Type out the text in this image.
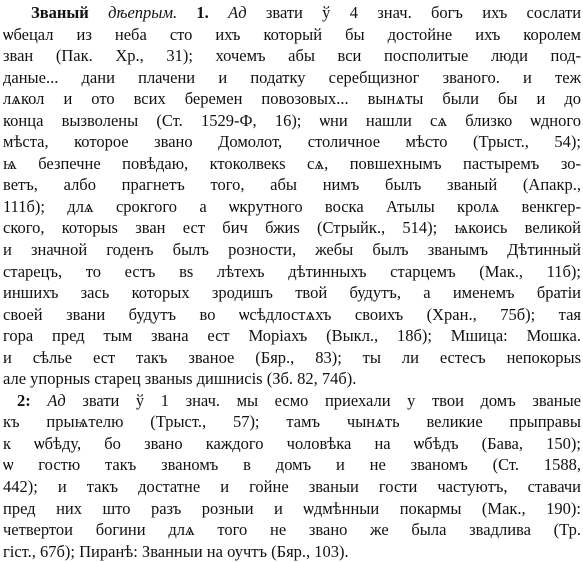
Званый дѣепрым. 1. Ад звати ў 4 знач. богъ ихъ сослати
ѡбецал из неба сто ихъ который бы достойне ихъ королем
зван (Пак. Хр., 31); хочемъ абы вси посполитые люди под-
даные... дани плачени и податку серебщизног званого. и теж
лѧкол и ото всих беремен повозовых... вынѧты были бы и до
конца вызволены (Ст. 1529-Ф, 16); ѡни нашли сѧ близко ѡдного
мѣста, которое звано Домолот, столичное мѣсто (Трыст., 54);
ѩ безпечне повѣдаю, ктоколвекs сѧ, повшехнымъ пастыремъ зо-
ветъ, албо прагнетъ того, абы нимъ былъ званый (Апакр.,
111б); длѧ срокгого а ѡкрутного воска Атылы кролѧ венкгер-
ского, которыs зван ест бич бжиs (Стрыйк., 514); ѩкоись великой
и значной годенъ былъ розности, жебы былъ званымъ Дѣтинный
старецъ, то естъ вs лѣтехъ дѣтинныхъ старцемъ (Мак., 11б);
иншихъ зась которых зродишъ твой будутъ, а именемъ братіи
своей звани будутъ во ѡсѣдлостѧхъ своихъ (Хран., 75б); тая
гора пред тым звана ест Моріахъ (Выкл., 18б); Мшица: Мошка.
и сѣлье ест такъ званое (Бяр., 83); ты ли естесъ непокорыs
але упорныs старец званыs дишнисіs (Зб. 82, 74б).
2: Ад звати ў 1 знач. мы есмо приехали у твои домъ званые
къ прыѩтелю (Трыст., 57); тамъ чынѧть великие прыправы
к ѡбѣду, бо звано каждого чоловѣка на ѡбѣдъ (Бава, 150);
ѡ гостю такъ званомъ в домъ и не званомъ (Ст. 1588,
442); и такъ достатне и гойне званыи гости частуютъ, ставачи
пред них што разъ розныи и ѡдмѣнныи покармы (Мак., 190):
четвертои богини длѧ того не звано же была звадлива (Тр.
гіст., 67б); Пиранѣ: Званныи на оучтъ (Бяр., 103).
